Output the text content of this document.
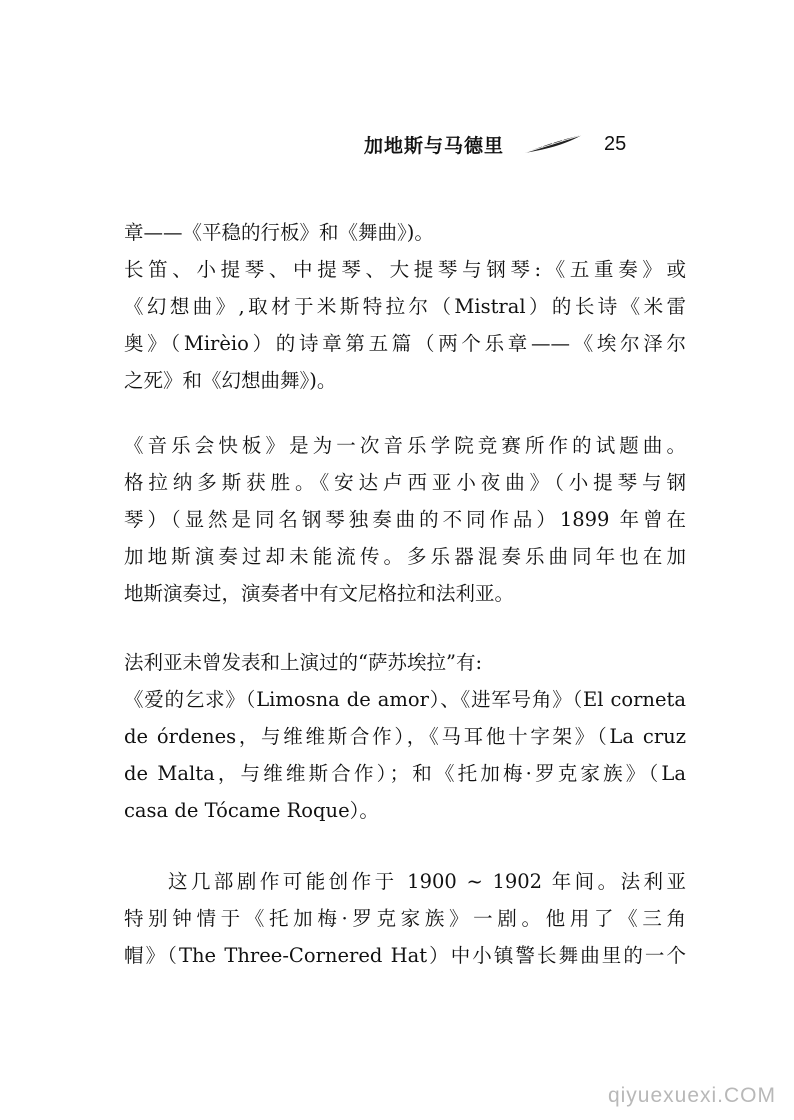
加地斯与马德里	25
章——《平稳的行板》和《舞曲》)。
长笛、小提琴、中提琴、大提琴与钢琴:《五重奏》或
《幻想曲》,取材于米斯特拉尔（Mistral）的长诗《米雷
奥》（Mirèio）的诗章第五篇（两个乐章——《埃尔泽尔
之死》和《幻想曲舞》)。
《音乐会快板》是为一次音乐学院竞赛所作的试题曲。
格拉纳多斯获胜。《安达卢西亚小夜曲》（小提琴与钢
琴）（显然是同名钢琴独奏曲的不同作品）1899 年曾在
加地斯演奏过却未能流传。多乐器混奏乐曲同年也在加
地斯演奏过，演奏者中有文尼格拉和法利亚。
法利亚未曾发表和上演过的“萨苏埃拉”有:
《爱的乞求》（Limosna de amor）、《进军号角》（El corneta
de órdenes，与维维斯合作），《马耳他十字架》（La cruz
de Malta，与维维斯合作）；和《托加梅·罗克家族》（La
casa de Tócame Roque）。
这几部剧作可能创作于 1900 ~ 1902 年间。法利亚
特别钟情于《托加梅·罗克家族》一剧。他用了《三角
帽》（The Three-Cornered Hat）中小镇警长舞曲里的一个
qiyuexuexi.COM
